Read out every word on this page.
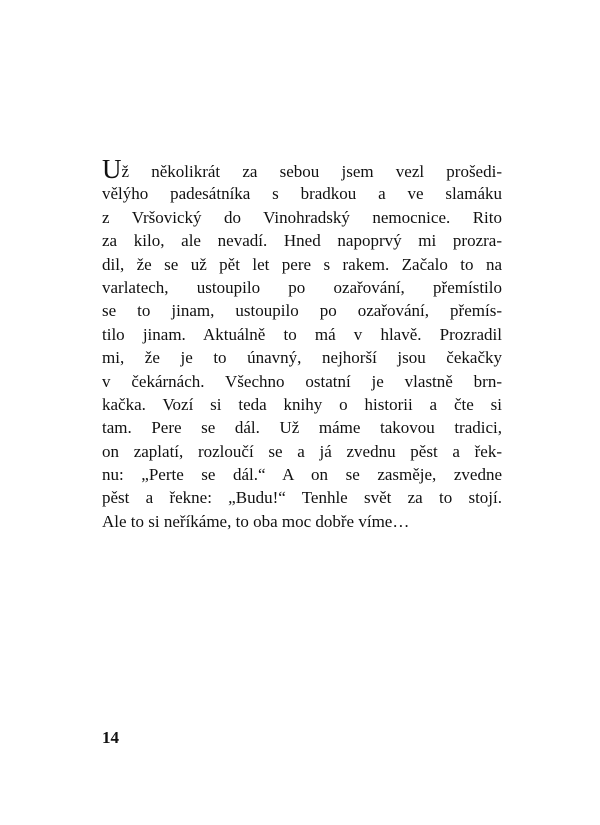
Už několikrát za sebou jsem vezl prošedi-
vělýho padesátníka s bradkou a ve slamáku
z Vršovický do Vinohradský nemocnice. Rito
za kilo, ale nevadí. Hned napoprvý mi prozra-
dil, že se už pět let pere s rakem. Začalo to na
varlatech, ustoupilo po ozařování, přemístilo
se to jinam, ustoupilo po ozařování, přemís-
tilo jinam. Aktuálně to má v hlavě. Prozradil
mi, že je to únavný, nejhorší jsou čekačky
v čekárnách. Všechno ostatní je vlastně brn-
kačka. Vozí si teda knihy o historii a čte si
tam. Pere se dál. Už máme takovou tradici,
on zaplatí, rozloučí se a já zvednu pěst a řek-
nu: „Perte se dál.“ A on se zasměje, zvedne
pěst a řekne: „Budu!“ Tenhle svět za to stojí.
Ale to si neříkáme, to oba moc dobře víme…
14
